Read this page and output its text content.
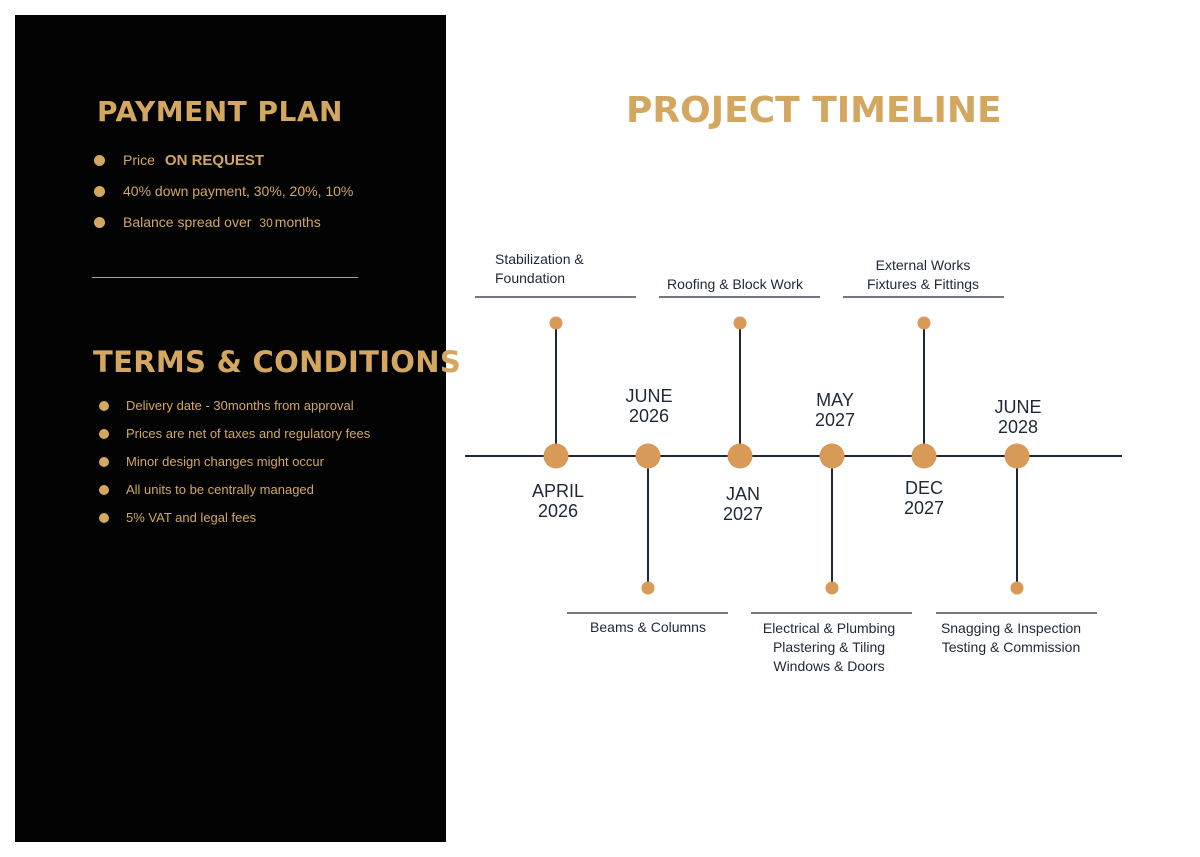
PAYMENT PLAN
Price ON REQUEST
40% down payment, 30%, 20%, 10%
Balance spread over 30 months
TERMS & CONDITIONS
Delivery date - 30months from approval
Prices are net of taxes and regulatory fees
Minor design changes might occur
All units to be centrally managed
5% VAT and legal fees
PROJECT TIMELINE
APRIL
2026
JUNE
2026
JAN
2027
MAY
2027
DEC
2027
JUNE
2028
Stabilization &
Foundation
Beams & Columns
Roofing & Block Work
Electrical & Plumbing
Plastering & Tiling
Windows & Doors
External Works
Fixtures & Fittings
Snagging & Inspection
Testing & Commission
